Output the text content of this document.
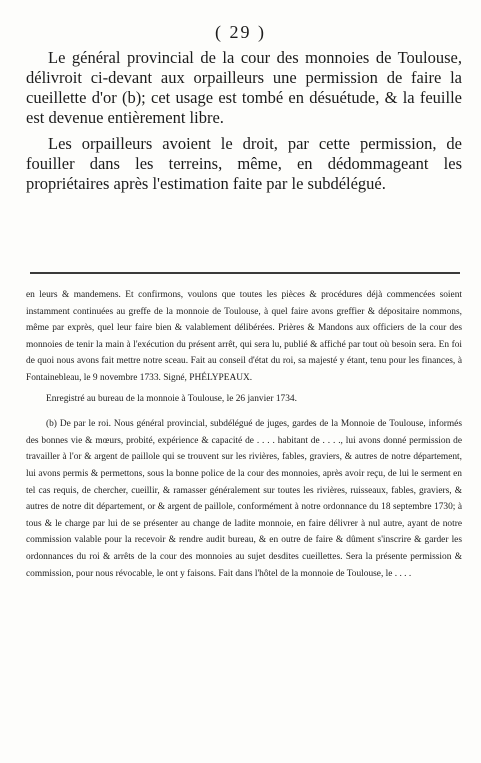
( 29 )

Le général provincial de la cour des monnoies de Toulouse, délivroit ci-devant aux orpailleurs une permission de faire la cueillette d'or (b); cet usage est tombé en désuétude, & la feuille est devenue entièrement libre.

Les orpailleurs avoient le droit, par cette permission, de fouiller dans les terreins, même, en dédommageant les propriétaires après l'estimation faite par le subdélégué.

en leurs & mandemens. Et confirmons, voulons que toutes les pièces & procédures déjà commencées soient instamment continuées au greffe de la monnoie de Toulouse, à quel faire avons greffier & dépositaire nommons, même par exprès, quel leur faire bien & valablement délibérées. Prières & Mandons aux officiers de la cour des monnoies de tenir la main à l'exécution du présent arrêt, qui sera lu, publié & affiché par tout où besoin sera. En foi de quoi nous avons fait mettre notre sceau. Fait au conseil d'état du roi, sa majesté y étant, tenu pour les finances, à Fontainebleau, le 9 novembre 1733. Signé, PHÉLYPEAUX.

Enregistré au bureau de la monnoie à Toulouse, le 26 janvier 1734.

(b) De par le roi. Nous général provincial, subdélégué de juges, gardes de la Monnoie de Toulouse, informés des bonnes vie & mœurs, probité, expérience & capacité de . . . . habitant de . . . ., lui avons donné permission de travailler à l'or & argent de paillole qui se trouvent sur les rivières, fables, graviers, & autres de notre département, lui avons permis & permettons, sous la bonne police de la cour des monnoies, après avoir reçu, de lui le serment en tel cas requis, de chercher, cueillir, & ramasser généralement sur toutes les rivières, ruisseaux, fables, graviers, & autres de notre dit département, or & argent de paillole, conformément à notre ordonnance du 18 septembre 1730; à tous & le charge par lui de se présenter au change de ladite monnoie, en faire délivrer à nul autre, ayant de notre commission valable pour la recevoir & rendre audit bureau, & en outre de faire & dûment s'inscrire & garder les ordonnances du roi & arrêts de la cour des monnoies au sujet desdites cueillettes. Sera la présente permission & commission, pour nous révocable, le ont y faisons. Fait dans l'hôtel de la monnoie de Toulouse, le . . . .
